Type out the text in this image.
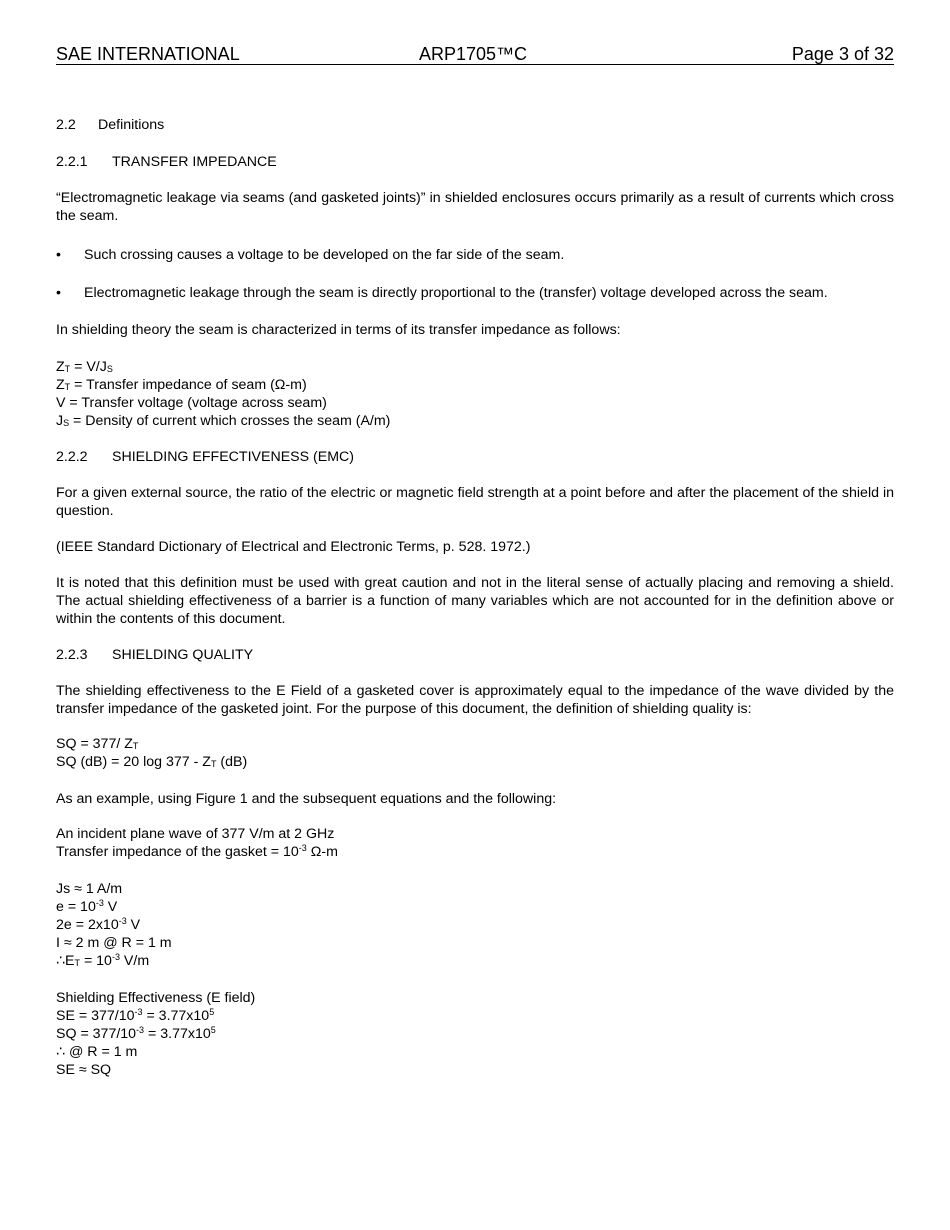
SAE INTERNATIONAL	ARP1705™C	Page 3 of 32
2.2 Definitions
2.2.1 TRANSFER IMPEDANCE
“Electromagnetic leakage via seams (and gasketed joints)” in shielded enclosures occurs primarily as a result of currents which cross the seam.
• Such crossing causes a voltage to be developed on the far side of the seam.
• Electromagnetic leakage through the seam is directly proportional to the (transfer) voltage developed across the seam.
In shielding theory the seam is characterized in terms of its transfer impedance as follows:
$Z_T = V/J_S$
$Z_T$ = Transfer impedance of seam (Ω-m)
V = Transfer voltage (voltage across seam)
$J_S$ = Density of current which crosses the seam (A/m)
2.2.2 SHIELDING EFFECTIVENESS (EMC)
For a given external source, the ratio of the electric or magnetic field strength at a point before and after the placement of the shield in question.
(IEEE Standard Dictionary of Electrical and Electronic Terms, p. 528. 1972.)
It is noted that this definition must be used with great caution and not in the literal sense of actually placing and removing a shield. The actual shielding effectiveness of a barrier is a function of many variables which are not accounted for in the definition above or within the contents of this document.
2.2.3 SHIELDING QUALITY
The shielding effectiveness to the E Field of a gasketed cover is approximately equal to the impedance of the wave divided by the transfer impedance of the gasketed joint. For the purpose of this document, the definition of shielding quality is:
SQ = 377/ $Z_T$
SQ (dB) = 20 $\log 377 - Z_T$ (dB)
As an example, using Figure 1 and the subsequent equations and the following:
An incident plane wave of 377 V/m at 2 GHz
Transfer impedance of the gasket = $10^{-3}$ Ω-m
Js ≈ 1 A/m
$e = 10^{-3}$ V
$2e = 2x10^{-3}$ V
I ≈ 2 m @ R = 1 m
$\therefore E_T = 10^{-3}$ V/m
Shielding Effectiveness (E field)
SE = $377/10^{-3} = 3.77x10^5$
SQ = $377/10^{-3} = 3.77x10^5$
∴ @ R = 1 m
SE ≈ SQ
